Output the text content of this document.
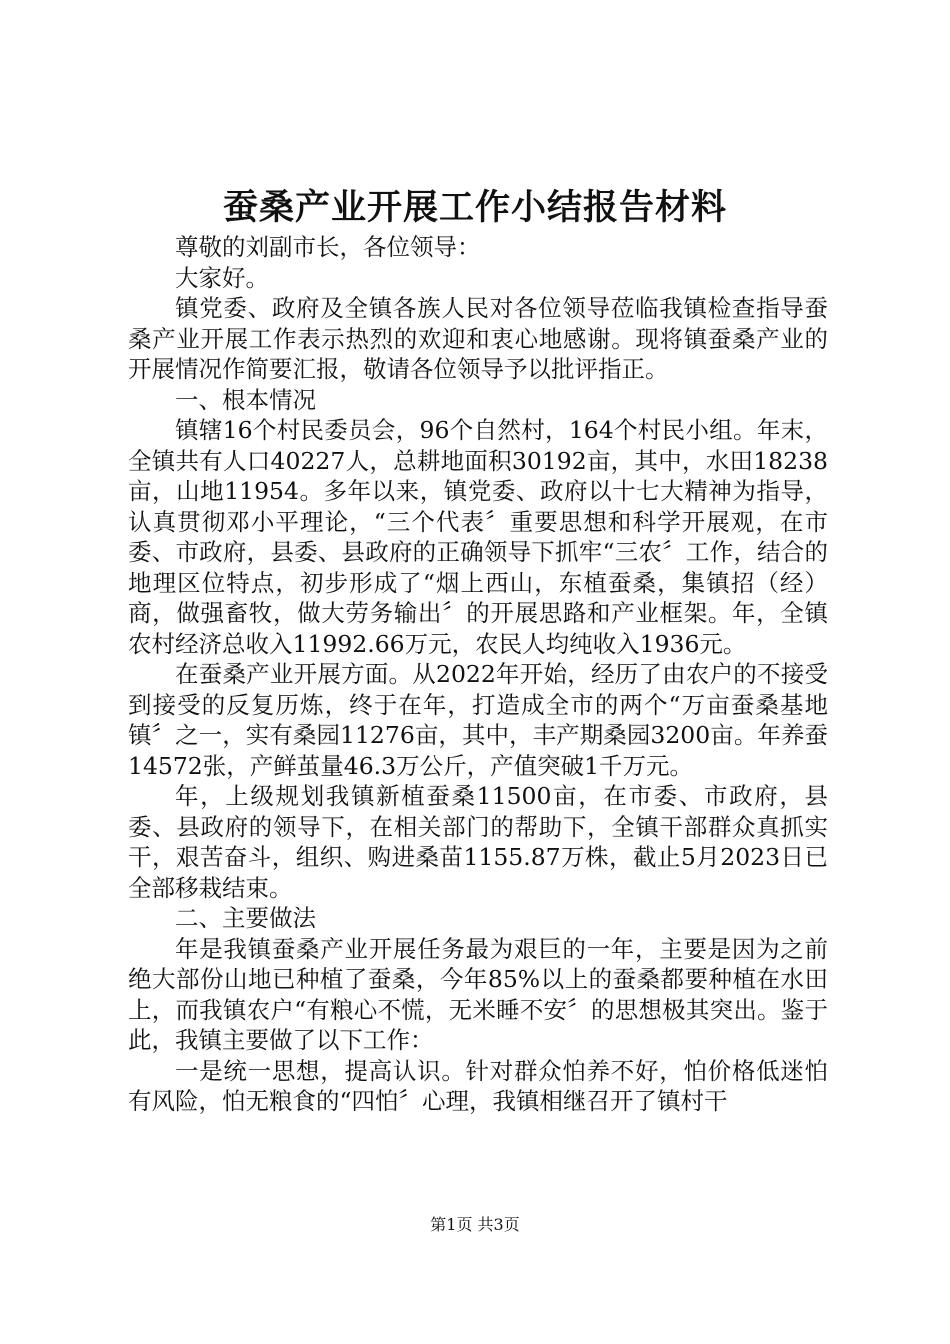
蚕桑产业开展工作小结报告材料

尊敬的刘副市长，各位领导：

大家好。

镇党委、政府及全镇各族人民对各位领导莅临我镇检查指导蚕桑产业开展工作表示热烈的欢迎和衷心地感谢。现将镇蚕桑产业的开展情况作简要汇报，敬请各位领导予以批评指正。

一、根本情况

镇辖16个村民委员会，96个自然村，164个村民小组。年末，全镇共有人口40227人，总耕地面积30192亩，其中，水田18238亩，山地11954。多年以来，镇党委、政府以十七大精神为指导，认真贯彻邓小平理论，“三个代表〞重要思想和科学开展观，在市委、市政府，县委、县政府的正确领导下抓牢“三农〞工作，结合的地理区位特点，初步形成了“烟上西山，东植蚕桑，集镇招（经）商，做强畜牧，做大劳务输出〞的开展思路和产业框架。年，全镇农村经济总收入11992.66万元，农民人均纯收入1936元。

在蚕桑产业开展方面。从2022年开始，经历了由农户的不接受到接受的反复历炼，终于在年，打造成全市的两个“万亩蚕桑基地镇〞之一，实有桑园11276亩，其中，丰产期桑园3200亩。年养蚕14572张，产鲜茧量46.3万公斤，产值突破1千万元。

年，上级规划我镇新植蚕桑11500亩，在市委、市政府，县委、县政府的领导下，在相关部门的帮助下，全镇干部群众真抓实干，艰苦奋斗，组织、购进桑苗1155.87万株，截止5月2023日已全部移栽结束。

二、主要做法

年是我镇蚕桑产业开展任务最为艰巨的一年，主要是因为之前绝大部份山地已种植了蚕桑，今年85%以上的蚕桑都要种植在水田上，而我镇农户“有粮心不慌，无米睡不安〞的思想极其突出。鉴于此，我镇主要做了以下工作：

一是统一思想，提高认识。针对群众怕养不好，怕价格低迷怕有风险，怕无粮食的“四怕〞心理，我镇相继召开了镇村干

第1页 共3页
